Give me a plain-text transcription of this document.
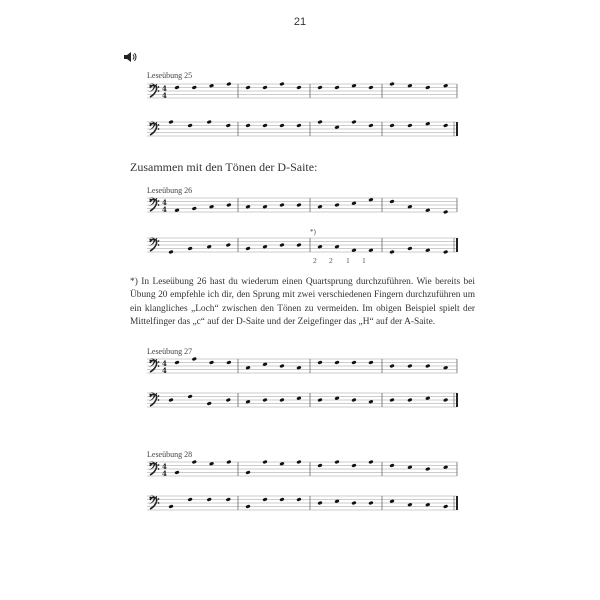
21
Leseübung 25
𝄢 4
4
𝄢
Zusammen mit den Tönen der D-Saite:
Leseübung 26
𝄢 4
4
*)
𝄢
2 2 1 1
*) In Leseübung 26 hast du wiederum einen Quartsprung durchzuführen. Wie bereits bei Übung 20 empfehle ich dir, den Sprung mit zwei verschiedenen Fingern durchzuführen um ein klangliches „Loch“ zwischen den Tönen zu vermeiden. Im obigen Beispiel spielt der Mittelfinger das „c“ auf der D-Saite und der Zeigefinger das „H“ auf der A-Saite.
Leseübung 27
𝄢 4
4
𝄢
Leseübung 28
𝄢 4
4
𝄢
